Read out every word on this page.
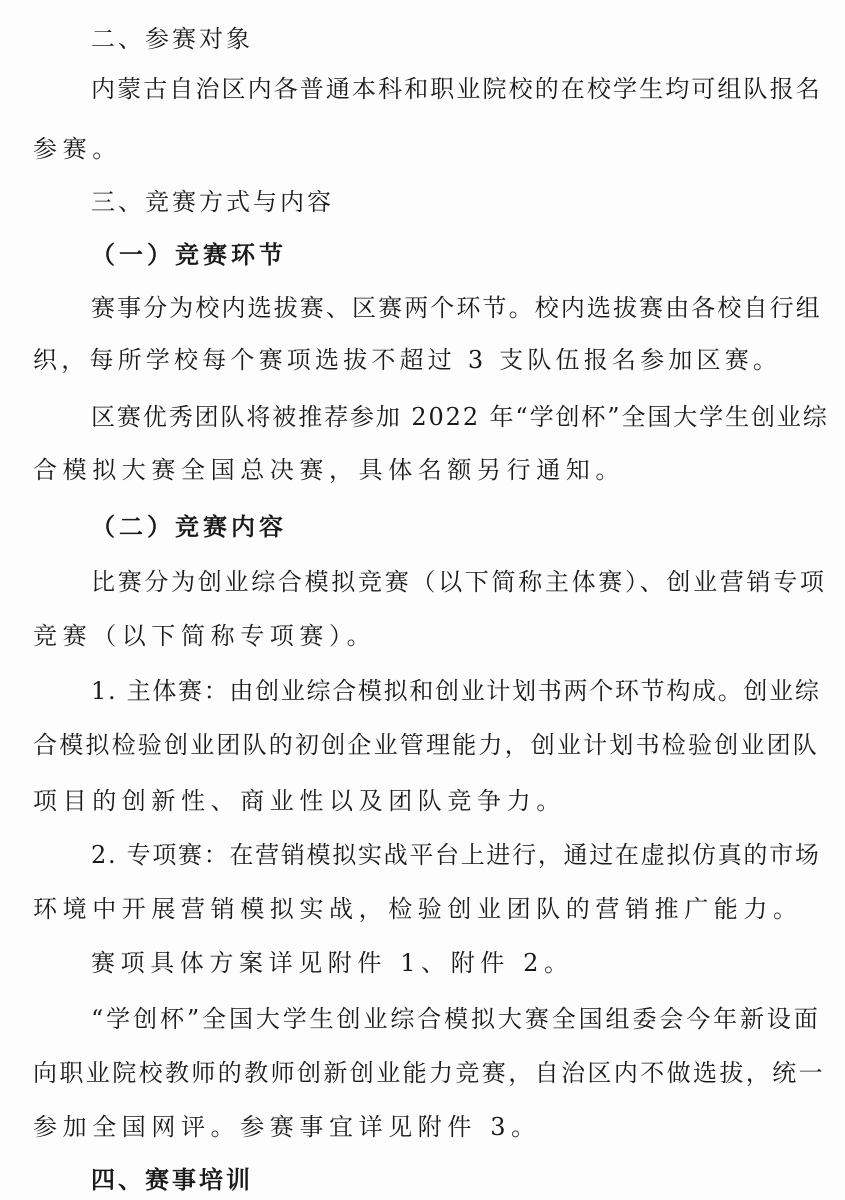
二、参赛对象
内蒙古自治区内各普通本科和职业院校的在校学生均可组队报名
参赛。
三、竞赛方式与内容
（一）竞赛环节
赛事分为校内选拔赛、区赛两个环节。校内选拔赛由各校自行组
织，每所学校每个赛项选拔不超过 3 支队伍报名参加区赛。
区赛优秀团队将被推荐参加 2022 年“学创杯”全国大学生创业综
合模拟大赛全国总决赛，具体名额另行通知。
（二）竞赛内容
比赛分为创业综合模拟竞赛（以下简称主体赛）、创业营销专项
竞赛（以下简称专项赛）。
1. 主体赛：由创业综合模拟和创业计划书两个环节构成。创业综
合模拟检验创业团队的初创企业管理能力，创业计划书检验创业团队
项目的创新性、商业性以及团队竞争力。
2. 专项赛：在营销模拟实战平台上进行，通过在虚拟仿真的市场
环境中开展营销模拟实战，检验创业团队的营销推广能力。
赛项具体方案详见附件 1、附件 2。
“学创杯”全国大学生创业综合模拟大赛全国组委会今年新设面
向职业院校教师的教师创新创业能力竞赛，自治区内不做选拔，统一
参加全国网评。参赛事宜详见附件 3。
四、赛事培训
